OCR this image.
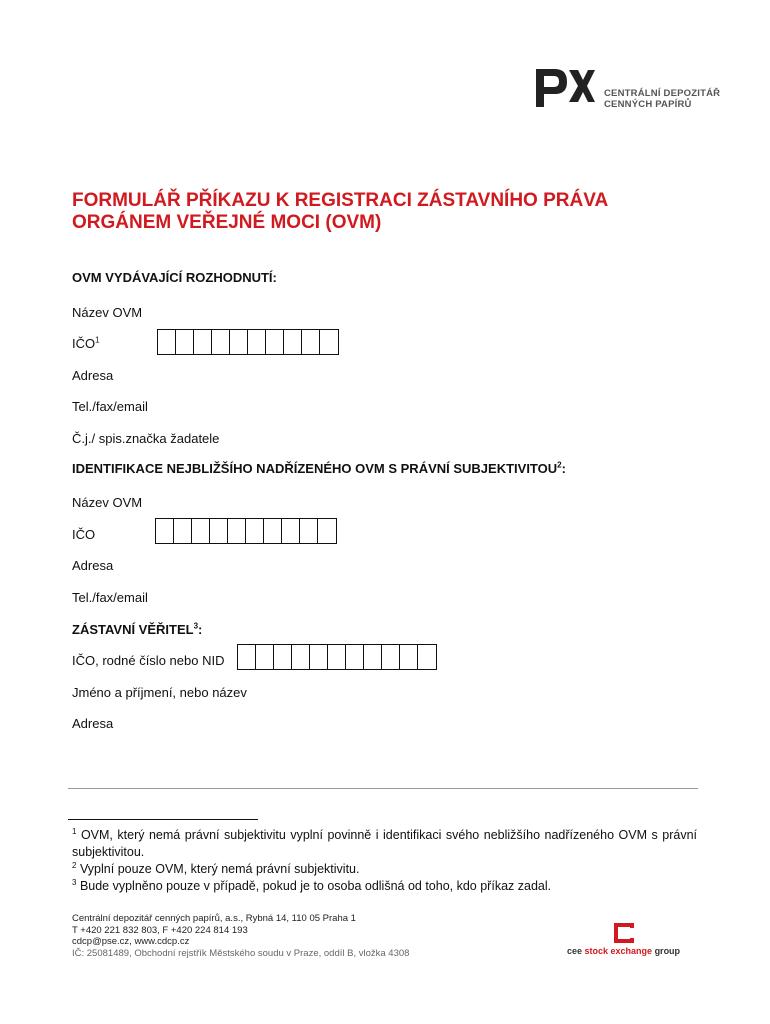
CENTRÁLNÍ DEPOZITÁŘ
CENNÝCH PAPÍRŮ
FORMULÁŘ PŘÍKAZU K REGISTRACI ZÁSTAVNÍHO PRÁVA
ORGÁNEM VEŘEJNÉ MOCI (OVM)
OVM VYDÁVAJÍCÍ ROZHODNUTÍ:
Název OVM
IČO$^1$
Adresa
Tel./fax/email
Č.j./ spis.značka žadatele
IDENTIFIKACE NEJBLIŽŠÍHO NADŘÍZENÉHO OVM S PRÁVNÍ SUBJEKTIVITOU$^2$:
Název OVM
IČO
Adresa
Tel./fax/email
ZÁSTAVNÍ VĚŘITEL$^3$:
IČO, rodné číslo nebo NID
Jméno a příjmení, nebo název
Adresa
$^1$ OVM, který nemá právní subjektivitu vyplní povinně i identifikaci svého nebližšího nadřízeného OVM s právní subjektivitou.
$^2$ Vyplní pouze OVM, který nemá právní subjektivitu.
$^3$ Bude vyplněno pouze v případě, pokud je to osoba odlišná od toho, kdo příkaz zadal.
Centrální depozitář cenných papírů, a.s., Rybná 14, 110 05 Praha 1
T +420 221 832 803, F +420 224 814 193
cdcp@pse.cz, www.cdcp.cz
IČ: 25081489, Obchodní rejstřík Městského soudu v Praze, oddíl B, vložka 4308	cee stock exchange group
